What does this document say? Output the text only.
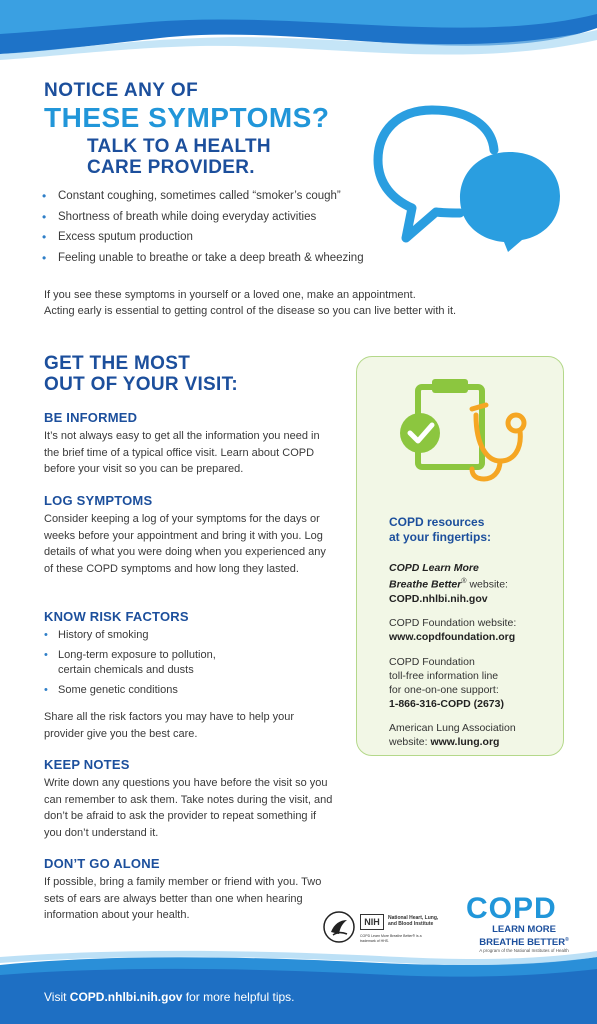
NOTICE ANY OF
THESE SYMPTOMS?
TALK TO A HEALTH
CARE PROVIDER.
• Constant coughing, sometimes called “smoker’s cough”
• Shortness of breath while doing everyday activities
• Excess sputum production
• Feeling unable to breathe or take a deep breath & wheezing
If you see these symptoms in yourself or a loved one, make an appointment.
Acting early is essential to getting control of the disease so you can live better with it.
GET THE MOST
OUT OF YOUR VISIT:
BE INFORMED
It’s not always easy to get all the information you need in the brief time of a typical office visit. Learn about COPD before your visit so you can be prepared.
LOG SYMPTOMS
Consider keeping a log of your symptoms for the days or weeks before your appointment and bring it with you. Log details of what you were doing when you experienced any of these COPD symptoms and how long they lasted.
KNOW RISK FACTORS
• History of smoking
• Long-term exposure to pollution, certain chemicals and dusts
• Some genetic conditions
Share all the risk factors you may have to help your provider give you the best care.
KEEP NOTES
Write down any questions you have before the visit so you can remember to ask them. Take notes during the visit, and don’t be afraid to ask the provider to repeat something if you don’t understand it.
DON’T GO ALONE
If possible, bring a family member or friend with you. Two sets of ears are always better than one when hearing information about your health.
COPD resources
at your fingertips:
COPD Learn More
Breathe Better® website:
COPD.nhlbi.nih.gov
COPD Foundation website:
www.copdfoundation.org
COPD Foundation
toll-free information line
for one-on-one support:
1-866-316-COPD (2673)
American Lung Association
website: www.lung.org
NIH	National Heart, Lung,
and Blood Institute
COPD Learn More Breathe Better® is a trademark of HHS.
COPD
LEARN MORE
BREATHE BETTER®
A program of the National Institutes of Health
Visit COPD.nhlbi.nih.gov for more helpful tips.
